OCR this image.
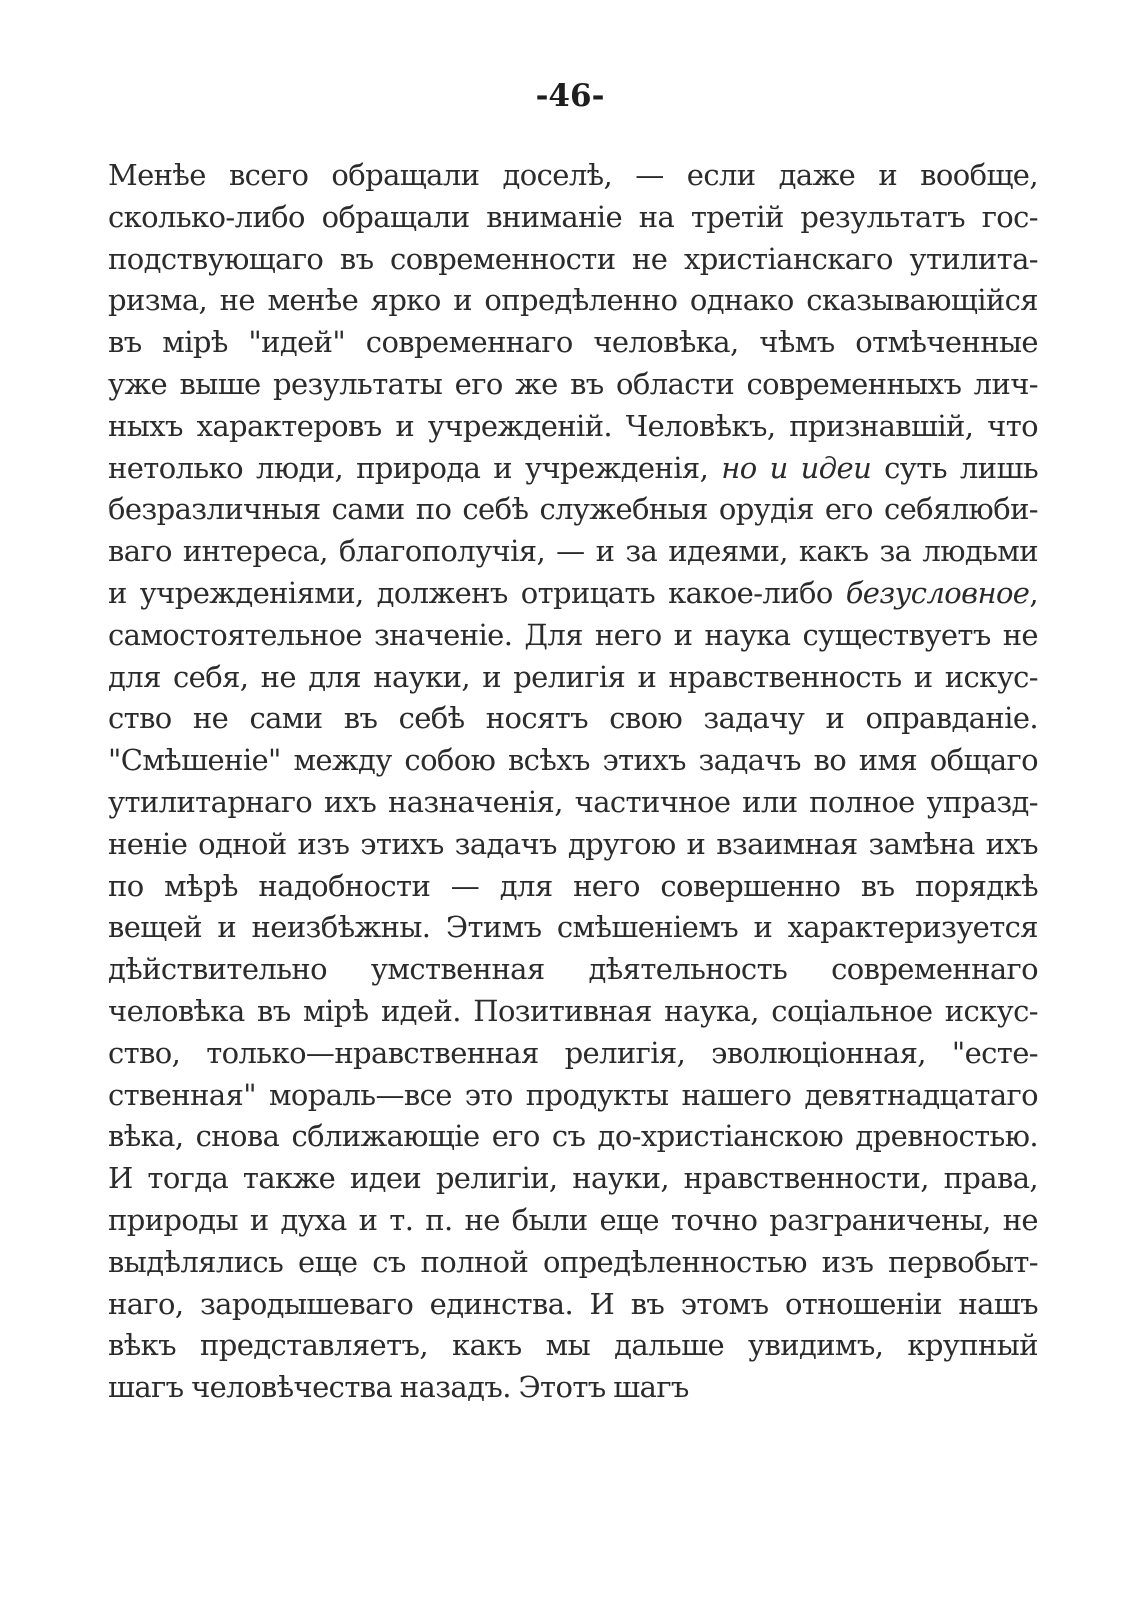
-46-
Менѣе всего обращали доселѣ, — если даже и вообще,
сколько-либо обращали вниманіе на третій результатъ гос-
подствующаго въ современности не христіанскаго утилита-
ризма, не менѣе ярко и опредѣленно однако сказывающійся
въ мірѣ "идей" современнаго человѣка, чѣмъ отмѣченные
уже выше результаты его же въ области современныхъ лич-
ныхъ характеровъ и учрежденій. Человѣкъ, признавшій, что
нетолько люди, природа и учрежденія, но и идеи суть лишь
безразличныя сами по себѣ служебныя орудія его себялюби-
ваго интереса, благополучія, — и за идеями, какъ за людьми
и учрежденіями, долженъ отрицать какое-либо безусловное,
самостоятельное значеніе. Для него и наука существуетъ не
для себя, не для науки, и религія и нравственность и искус-
ство не сами въ себѣ носятъ свою задачу и оправданіе.
"Смѣшеніе" между собою всѣхъ этихъ задачъ во имя общаго
утилитарнаго ихъ назначенія, частичное или полное упразд-
неніе одной изъ этихъ задачъ другою и взаимная замѣна ихъ
по мѣрѣ надобности — для него совершенно въ порядкѣ
вещей и неизбѣжны. Этимъ смѣшеніемъ и характеризуется
дѣйствительно умственная дѣятельность современнаго
человѣка въ мірѣ идей. Позитивная наука, соціальное искус-
ство, только—нравственная религія, эволюціонная, "есте-
ственная" мораль—все это продукты нашего девятнадцатаго
вѣка, снова сближающіе его съ до-христіанскою древностью.
И тогда также идеи религіи, науки, нравственности, права,
природы и духа и т. п. не были еще точно разграничены, не
выдѣлялись еще съ полной опредѣленностью изъ первобыт-
наго, зародышеваго единства. И въ этомъ отношеніи нашъ
вѣкъ представляетъ, какъ мы дальше увидимъ, крупный
шагъ человѣчества назадъ. Этотъ шагъ
